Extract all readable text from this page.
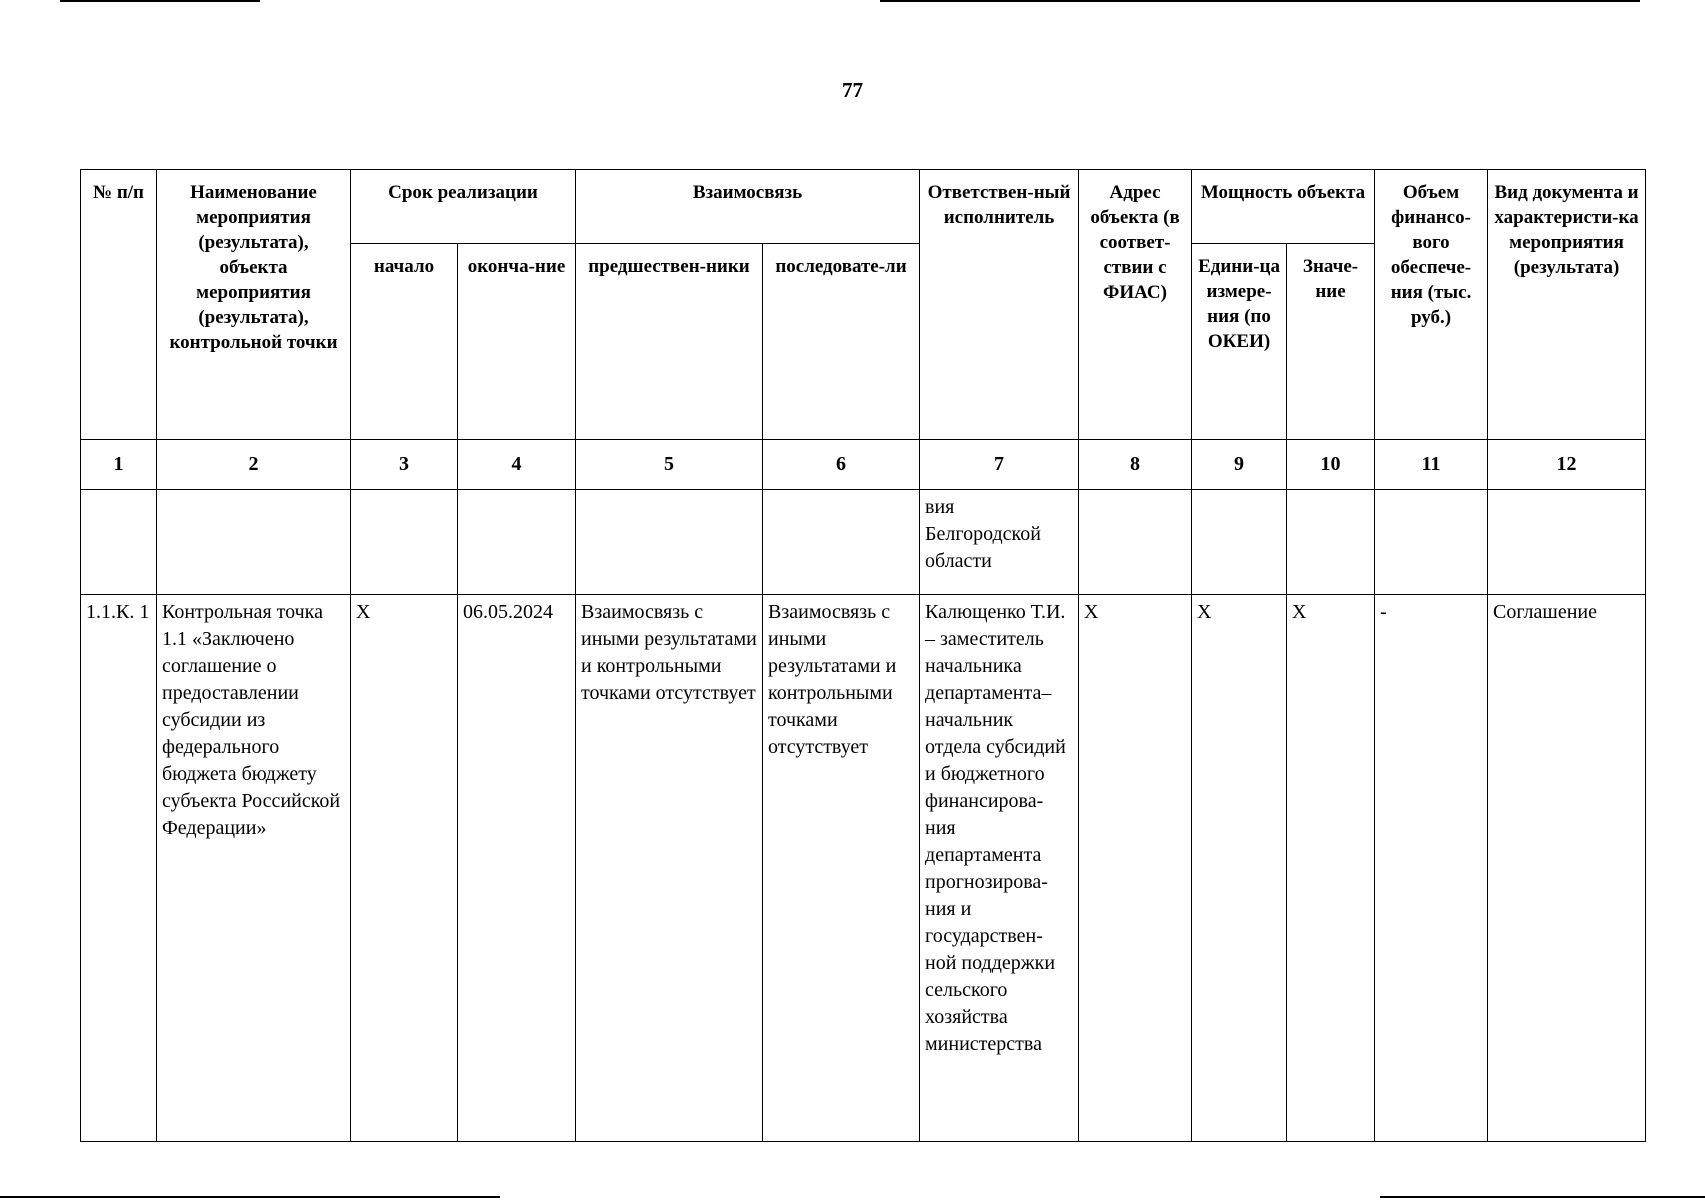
77
№ п/п	Наименование мероприятия (результата), объекта мероприятия (результата), контрольной точки	Срок реализации		Взаимосвязь		Ответствен-ный исполнитель	Адрес объекта (в соответ-ствии с ФИАС)	Мощность объекта		Объем финансо-вого обеспече-ния (тыс. руб.)	Вид документа и характеристи-ка мероприятия (результата)
		начало	оконча-ние	предшествен-ники	последовате-ли			Едини-ца измере-ния (по ОКЕИ)	Значе-ние		
1	2	3	4	5	6	7	8	9	10	11	12
						вия Белгородской области					
1.1.К. 1	Контрольная точка 1.1 «Заключено соглашение о предоставлении субсидии из федерального бюджета бюджету субъекта Российской Федерации»	X	06.05.2024	Взаимосвязь с иными результатами и контрольными точками отсутствует	Взаимосвязь с иными результатами и контрольными точками отсутствует	Калющенко Т.И. – заместитель начальника департамента– начальник отдела субсидий и бюджетного финансирова-ния департамента прогнозирова-ния и государствен-ной поддержки сельского хозяйства министерства	X	X	X	-	Соглашение
